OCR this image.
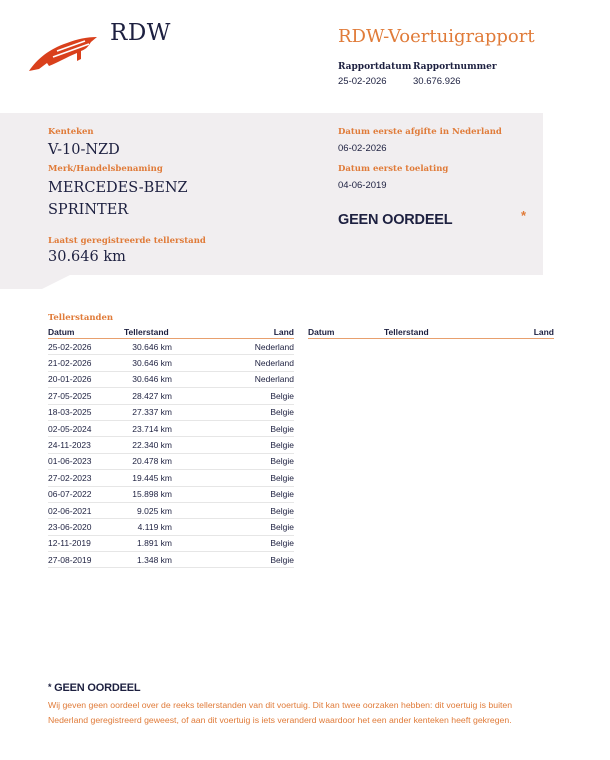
RDW	RDW-Voertuigrapport
Rapportdatum
25-02-2026
Rapportnummer
30.676.926
Kenteken
V-10-NZD
Merk/Handelsbenaming
MERCEDES-BENZ
SPRINTER
Laatst geregistreerde tellerstand
30.646 km
Datum eerste afgifte in Nederland
06-02-2026
Datum eerste toelating
04-06-2019
GEEN OORDEEL	*
Tellerstanden
Datum	Tellerstand	Land
25-02-2026	30.646 km	Nederland
21-02-2026	30.646 km	Nederland
20-01-2026	30.646 km	Nederland
27-05-2025	28.427 km	Belgie
18-03-2025	27.337 km	Belgie
02-05-2024	23.714 km	Belgie
24-11-2023	22.340 km	Belgie
01-06-2023	20.478 km	Belgie
27-02-2023	19.445 km	Belgie
06-07-2022	15.898 km	Belgie
02-06-2021	9.025 km	Belgie
23-06-2020	4.119 km	Belgie
12-11-2019	1.891 km	Belgie
27-08-2019	1.348 km	Belgie
Datum	Tellerstand	Land
* GEEN OORDEEL
Wij geven geen oordeel over de reeks tellerstanden van dit voertuig. Dit kan twee oorzaken hebben: dit voertuig is buiten Nederland geregistreerd geweest, of aan dit voertuig is iets veranderd waardoor het een ander kenteken heeft gekregen.
